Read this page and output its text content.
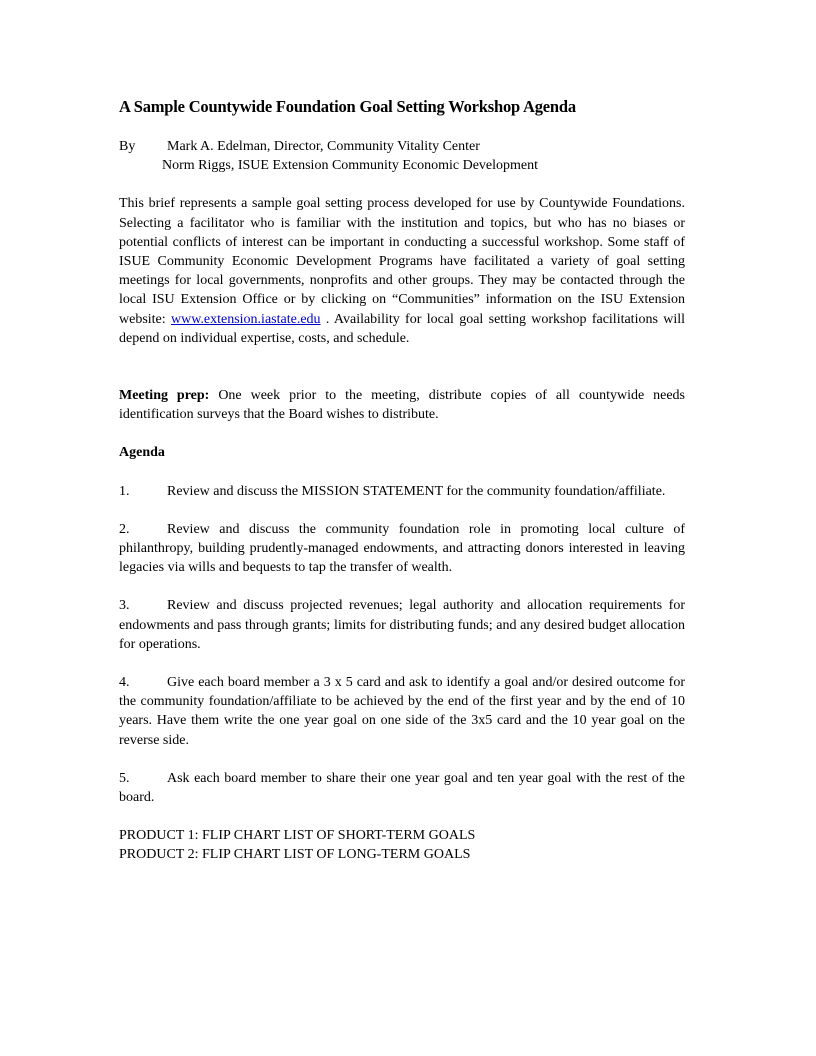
A Sample Countywide Foundation Goal Setting Workshop Agenda
By	Mark A. Edelman, Director, Community Vitality Center
Norm Riggs, ISUE Extension Community Economic Development

This brief represents a sample goal setting process developed for use by Countywide Foundations. Selecting a facilitator who is familiar with the institution and topics, but who has no biases or potential conflicts of interest can be important in conducting a successful workshop. Some staff of ISUE Community Economic Development Programs have facilitated a variety of goal setting meetings for local governments, nonprofits and other groups. They may be contacted through the local ISU Extension Office or by clicking on “Communities” information on the ISU Extension website: www.extension.iastate.edu . Availability for local goal setting workshop facilitations will depend on individual expertise, costs, and schedule.

Meeting prep: One week prior to the meeting, distribute copies of all countywide needs identification surveys that the Board wishes to distribute.

Agenda

1.	Review and discuss the MISSION STATEMENT for the community foundation/affiliate.

2.	Review and discuss the community foundation role in promoting local culture of philanthropy, building prudently-managed endowments, and attracting donors interested in leaving legacies via wills and bequests to tap the transfer of wealth.

3.	Review and discuss projected revenues; legal authority and allocation requirements for endowments and pass through grants; limits for distributing funds; and any desired budget allocation for operations.

4.	Give each board member a 3 x 5 card and ask to identify a goal and/or desired outcome for the community foundation/affiliate to be achieved by the end of the first year and by the end of 10 years. Have them write the one year goal on one side of the 3x5 card and the 10 year goal on the reverse side.

5.	Ask each board member to share their one year goal and ten year goal with the rest of the board.

PRODUCT 1: FLIP CHART LIST OF SHORT-TERM GOALS
PRODUCT 2: FLIP CHART LIST OF LONG-TERM GOALS
